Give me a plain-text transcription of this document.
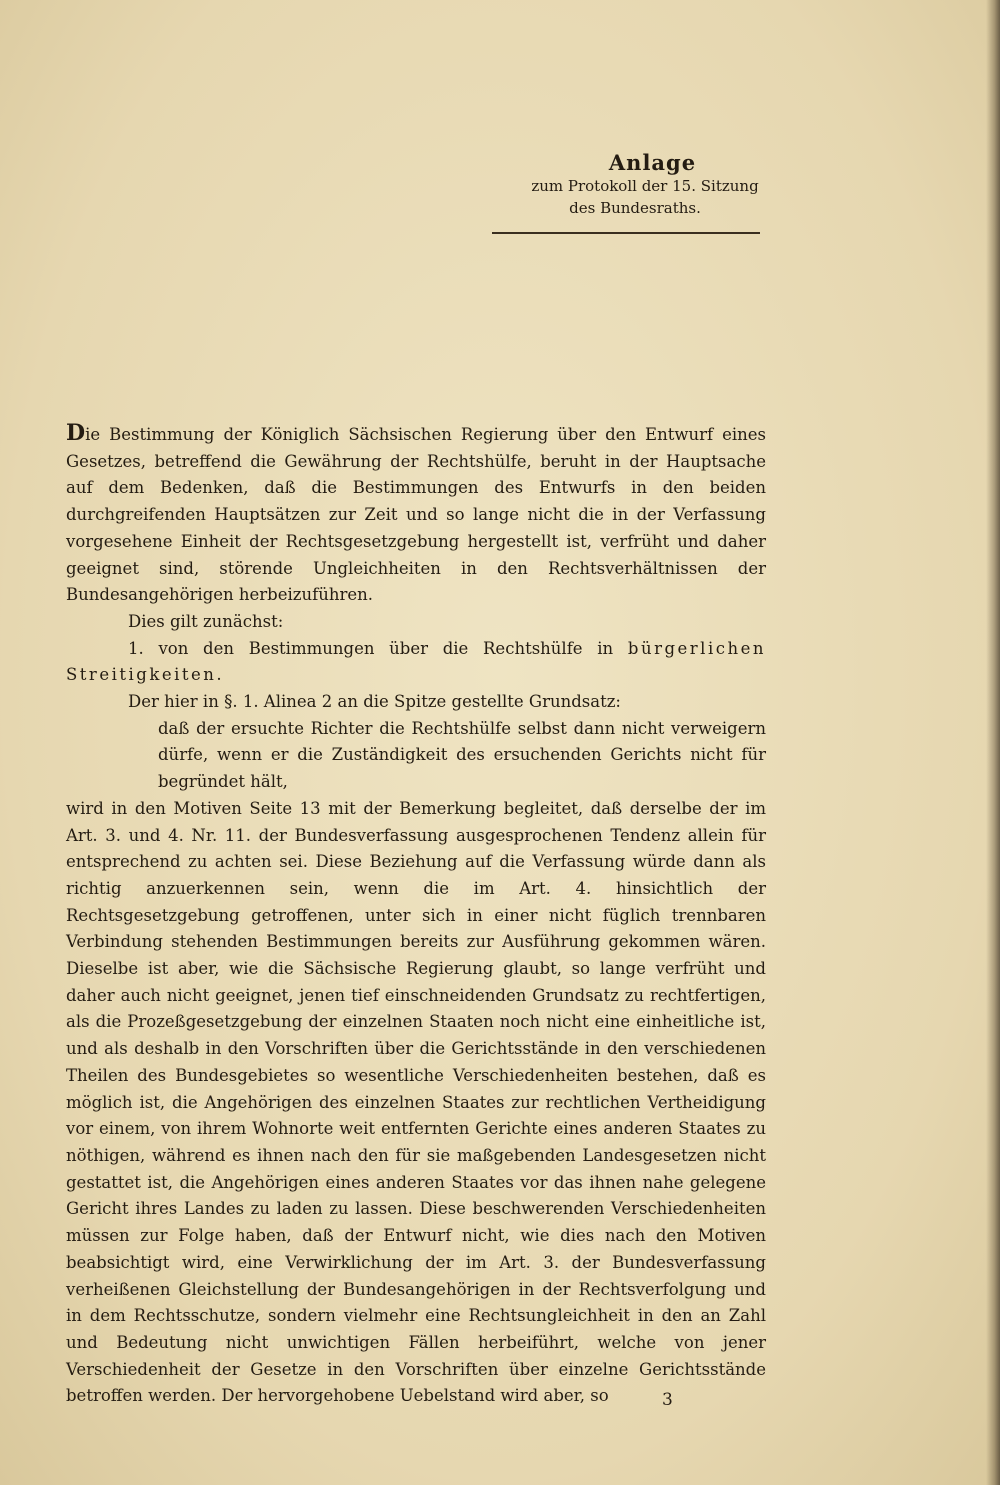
Anlage
zum Protokoll der 15. Sitzung
des Bundesraths.

Die Bestimmung der Königlich Sächsischen Regierung über den Entwurf eines Gesetzes, betreffend die Gewährung der Rechtshülfe, beruht in der Hauptsache auf dem Bedenken, daß die Bestimmungen des Entwurfs in den beiden durchgreifenden Hauptsätzen zur Zeit und so lange nicht die in der Verfassung vorgesehene Einheit der Rechtsgesetzgebung hergestellt ist, verfrüht und daher geeignet sind, störende Ungleichheiten in den Rechtsverhältnissen der Bundesangehörigen herbeizuführen.

Dies gilt zunächst:

1. von den Bestimmungen über die Rechtshülfe in bürgerlichen Streitigkeiten.

Der hier in §. 1. Alinea 2 an die Spitze gestellte Grundsatz:

daß der ersuchte Richter die Rechtshülfe selbst dann nicht verweigern dürfe, wenn er die Zuständigkeit des ersuchenden Gerichts nicht für begründet hält,

wird in den Motiven Seite 13 mit der Bemerkung begleitet, daß derselbe der im Art. 3. und 4. Nr. 11. der Bundesverfassung ausgesprochenen Tendenz allein für entsprechend zu achten sei. Diese Beziehung auf die Verfassung würde dann als richtig anzuerkennen sein, wenn die im Art. 4. hinsichtlich der Rechtsgesetzgebung getroffenen, unter sich in einer nicht füglich trennbaren Verbindung stehenden Bestimmungen bereits zur Ausführung gekommen wären. Dieselbe ist aber, wie die Sächsische Regierung glaubt, so lange verfrüht und daher auch nicht geeignet, jenen tief einschneidenden Grundsatz zu rechtfertigen, als die Prozeßgesetzgebung der einzelnen Staaten noch nicht eine einheitliche ist, und als deshalb in den Vorschriften über die Gerichtsstände in den verschiedenen Theilen des Bundesgebietes so wesentliche Verschiedenheiten bestehen, daß es möglich ist, die Angehörigen des einzelnen Staates zur rechtlichen Vertheidigung vor einem, von ihrem Wohnorte weit entfernten Gerichte eines anderen Staates zu nöthigen, während es ihnen nach den für sie maßgebenden Landesgesetzen nicht gestattet ist, die Angehörigen eines anderen Staates vor das ihnen nahe gelegene Gericht ihres Landes zu laden zu lassen. Diese beschwerenden Verschiedenheiten müssen zur Folge haben, daß der Entwurf nicht, wie dies nach den Motiven beabsichtigt wird, eine Verwirklichung der im Art. 3. der Bundesverfassung verheißenen Gleichstellung der Bundesangehörigen in der Rechtsverfolgung und in dem Rechtsschutze, sondern vielmehr eine Rechtsungleichheit in den an Zahl und Bedeutung nicht unwichtigen Fällen herbeiführt, welche von jener Verschiedenheit der Gesetze in den Vorschriften über einzelne Gerichtsstände betroffen werden. Der hervorgehobene Uebelstand wird aber, so	3
